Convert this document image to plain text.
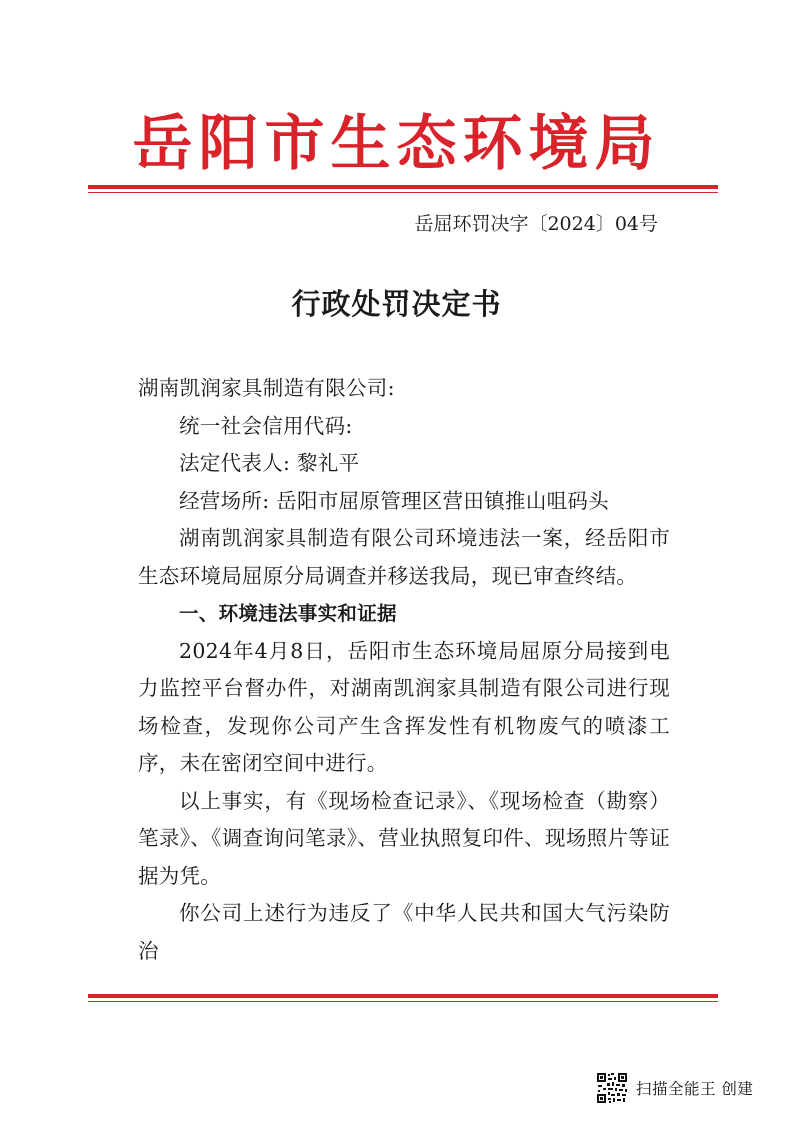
岳阳市生态环境局
岳屈环罚决字〔2024〕04号
行政处罚决定书

湖南凯润家具制造有限公司:

统一社会信用代码:

法定代表人: 黎礼平

经营场所: 岳阳市屈原管理区营田镇推山咀码头

湖南凯润家具制造有限公司环境违法一案，经岳阳市生态环境局屈原分局调查并移送我局，现已审查终结。

一、环境违法事实和证据

2024年4月8日，岳阳市生态环境局屈原分局接到电力监控平台督办件，对湖南凯润家具制造有限公司进行现场检查，发现你公司产生含挥发性有机物废气的喷漆工序，未在密闭空间中进行。

以上事实，有《现场检查记录》、《现场检查（勘察）笔录》、《调查询问笔录》、营业执照复印件、现场照片等证据为凭。

你公司上述行为违反了《中华人民共和国大气污染防治

扫描全能王 创建
